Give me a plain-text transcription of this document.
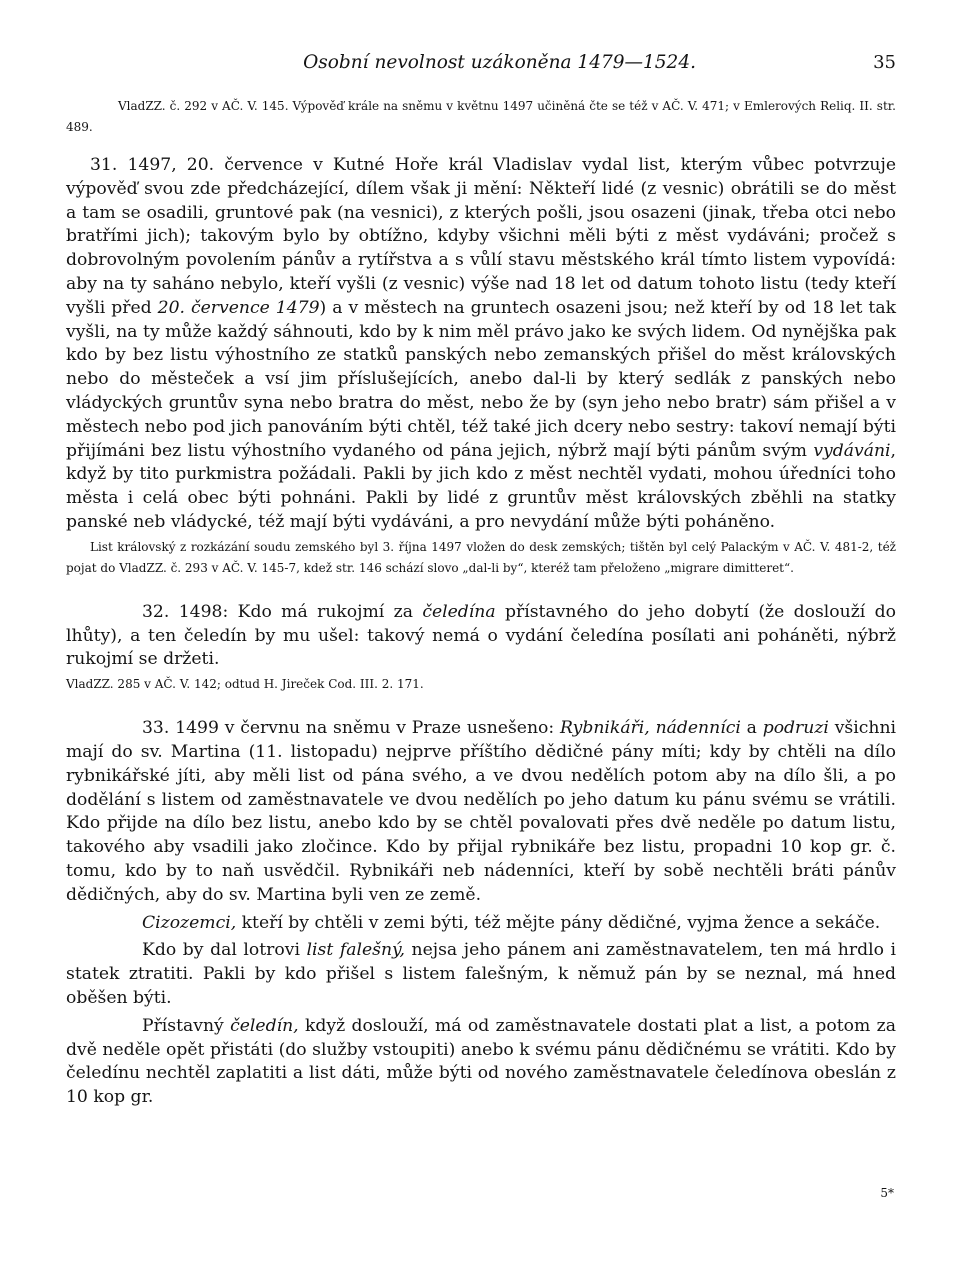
Osobní nevolnost uzákoněna 1479—1524.	35

VladZZ. č. 292 v AČ. V. 145. Výpověď krále na sněmu v květnu 1497 učiněná čte se též v AČ. V. 471; v Emlerových Reliq. II. str. 489.

31. 1497, 20. července v Kutné Hoře král Vladislav vydal list, kterým vůbec potvrzuje výpověď svou zde předcházející, dílem však ji mění: Někteří lidé (z vesnic) obrátili se do měst a tam se osadili, gruntové pak (na vesnici), z kterých pošli, jsou osazeni (jinak, třeba otci nebo bratřími jich); takovým bylo by obtížno, kdyby všichni měli býti z měst vydáváni; pročež s dobrovolným povolením pánův a rytířstva a s vůlí stavu městského král tímto listem vypovídá: aby na ty saháno nebylo, kteří vyšli (z vesnic) výše nad 18 let od datum tohoto listu (tedy kteří vyšli před 20. července 1479) a v městech na gruntech osazeni jsou; než kteří by od 18 let tak vyšli, na ty může každý sáhnouti, kdo by k nim měl právo jako ke svých lidem. Od nynějška pak kdo by bez listu výhostního ze statků panských nebo zemanských přišel do měst královských nebo do městeček a vsí jim příslušejících, anebo dal-li by který sedlák z panských nebo vládyckých gruntův syna nebo bratra do měst, nebo že by (syn jeho nebo bratr) sám přišel a v městech nebo pod jich panováním býti chtěl, též také jich dcery nebo sestry: takoví nemají býti přijímáni bez listu výhostního vydaného od pána jejich, nýbrž mají býti pánům svým vydáváni, když by tito purkmistra požádali. Pakli by jich kdo z měst nechtěl vydati, mohou úředníci toho města i celá obec býti pohnáni. Pakli by lidé z gruntův měst královských zběhli na statky panské neb vládycké, též mají býti vydáváni, a pro nevydání může býti poháněno.

List královský z rozkázání soudu zemského byl 3. října 1497 vložen do desk zemských; tištěn byl celý Palackým v AČ. V. 481-2, též pojat do VladZZ. č. 293 v AČ. V. 145-7, kdež str. 146 schází slovo „dal-li by“, kteréž tam přeloženo „migrare dimitteret“.

32. 1498: Kdo má rukojmí za čeledína přístavného do jeho dobytí (že doslouží do lhůty), a ten čeledín by mu ušel: takový nemá o vydání čeledína posílati ani poháněti, nýbrž rukojmí se držeti.
VladZZ. 285 v AČ. V. 142; odtud H. Jireček Cod. III. 2. 171.
33. 1499 v červnu na sněmu v Praze usnešeno: Rybnikáři, nádenníci a podruzi všichni mají do sv. Martina (11. listopadu) nejprve příštího dědičné pány míti; kdy by chtěli na dílo rybnikářské jíti, aby měli list od pána svého, a ve dvou nedělích potom aby na dílo šli, a po dodělání s listem od zaměstnavatele ve dvou nedělích po jeho datum ku pánu svému se vrátili. Kdo přijde na dílo bez listu, anebo kdo by se chtěl povalovati přes dvě neděle po datum listu, takového aby vsadili jako zločince. Kdo by přijal rybnikáře bez listu, propadni 10 kop gr. č. tomu, kdo by to naň usvědčil. Rybnikáři neb nádenníci, kteří by sobě nechtěli bráti pánův dědičných, aby do sv. Martina byli ven ze země.
Cizozemci, kteří by chtěli v zemi býti, též mějte pány dědičné, vyjma žence a sekáče.
Kdo by dal lotrovi list falešný, nejsa jeho pánem ani zaměstnavatelem, ten má hrdlo i statek ztratiti. Pakli by kdo přišel s listem falešným, k němuž pán by se neznal, má hned oběšen býti.
Přístavný čeledín, když doslouží, má od zaměstnavatele dostati plat a list, a potom za dvě neděle opět přistáti (do služby vstoupiti) anebo k svému pánu dědičnému se vrátiti. Kdo by čeledínu nechtěl zaplatiti a list dáti, může býti od nového zaměstnavatele čeledínova obeslán z 10 kop gr.
5*
